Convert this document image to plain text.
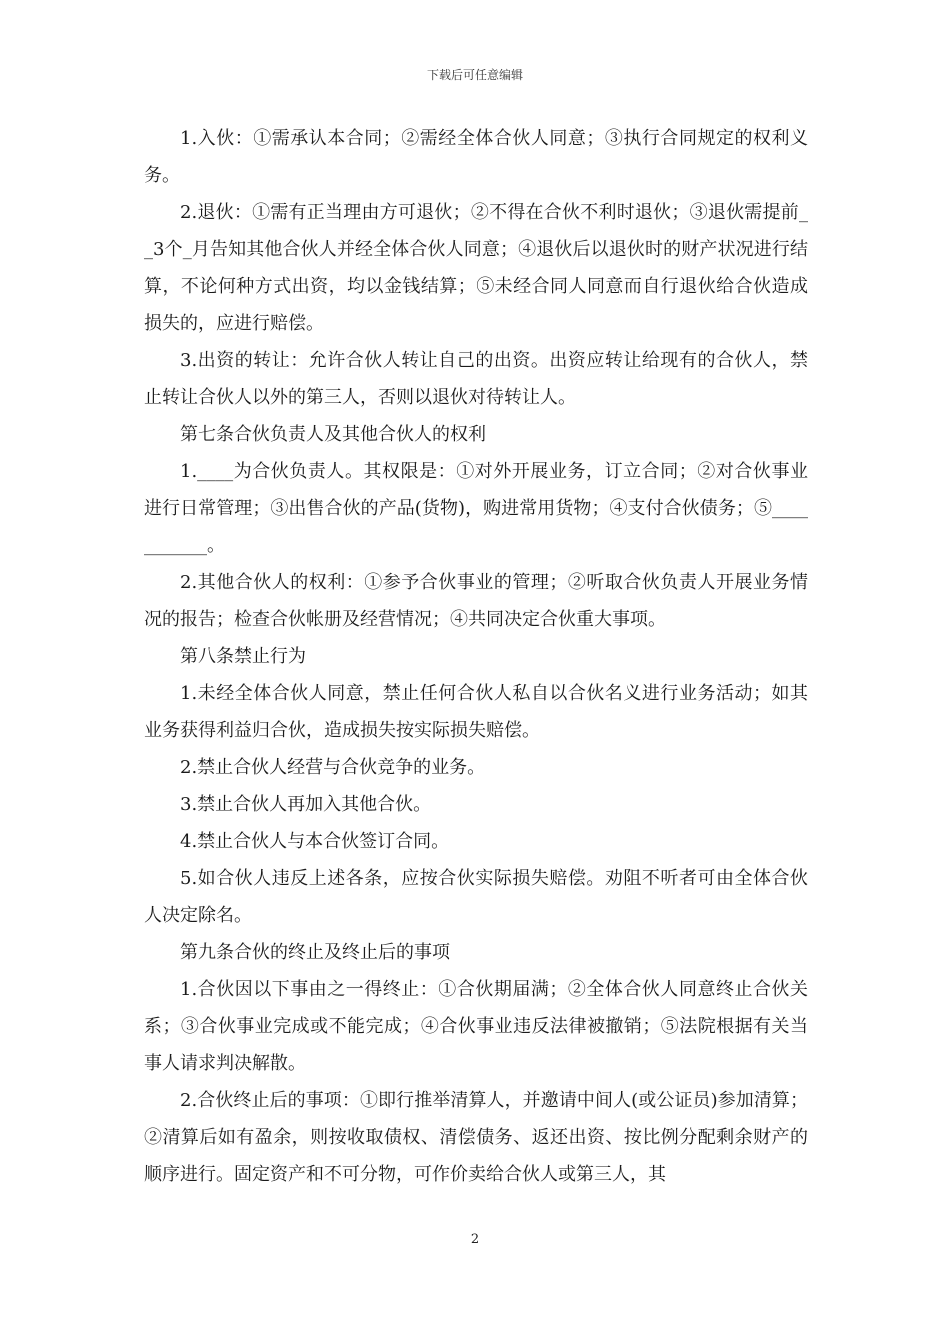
下载后可任意编辑

1.入伙：①需承认本合同；②需经全体合伙人同意；③执行合同规定的权利义务。

2.退伙：①需有正当理由方可退伙；②不得在合伙不利时退伙；③退伙需提前__3个_月告知其他合伙人并经全体合伙人同意；④退伙后以退伙时的财产状况进行结算，不论何种方式出资，均以金钱结算；⑤未经合同人同意而自行退伙给合伙造成损失的，应进行赔偿。

3.出资的转让：允许合伙人转让自己的出资。出资应转让给现有的合伙人，禁止转让合伙人以外的第三人，否则以退伙对待转让人。

第七条合伙负责人及其他合伙人的权利

1.____为合伙负责人。其权限是：①对外开展业务，订立合同；②对合伙事业进行日常管理；③出售合伙的产品(货物)，购进常用货物；④支付合伙债务；⑤___________。

2.其他合伙人的权利：①参予合伙事业的管理；②听取合伙负责人开展业务情况的报告；检查合伙帐册及经营情况；④共同决定合伙重大事项。

第八条禁止行为

1.未经全体合伙人同意，禁止任何合伙人私自以合伙名义进行业务活动；如其业务获得利益归合伙，造成损失按实际损失赔偿。

2.禁止合伙人经营与合伙竞争的业务。

3.禁止合伙人再加入其他合伙。

4.禁止合伙人与本合伙签订合同。

5.如合伙人违反上述各条，应按合伙实际损失赔偿。劝阻不听者可由全体合伙人决定除名。

第九条合伙的终止及终止后的事项

1.合伙因以下事由之一得终止：①合伙期届满；②全体合伙人同意终止合伙关系；③合伙事业完成或不能完成；④合伙事业违反法律被撤销；⑤法院根据有关当事人请求判决解散。

2.合伙终止后的事项：①即行推举清算人，并邀请中间人(或公证员)参加清算；②清算后如有盈余，则按收取债权、清偿债务、返还出资、按比例分配剩余财产的顺序进行。固定资产和不可分物，可作价卖给合伙人或第三人，其

2
